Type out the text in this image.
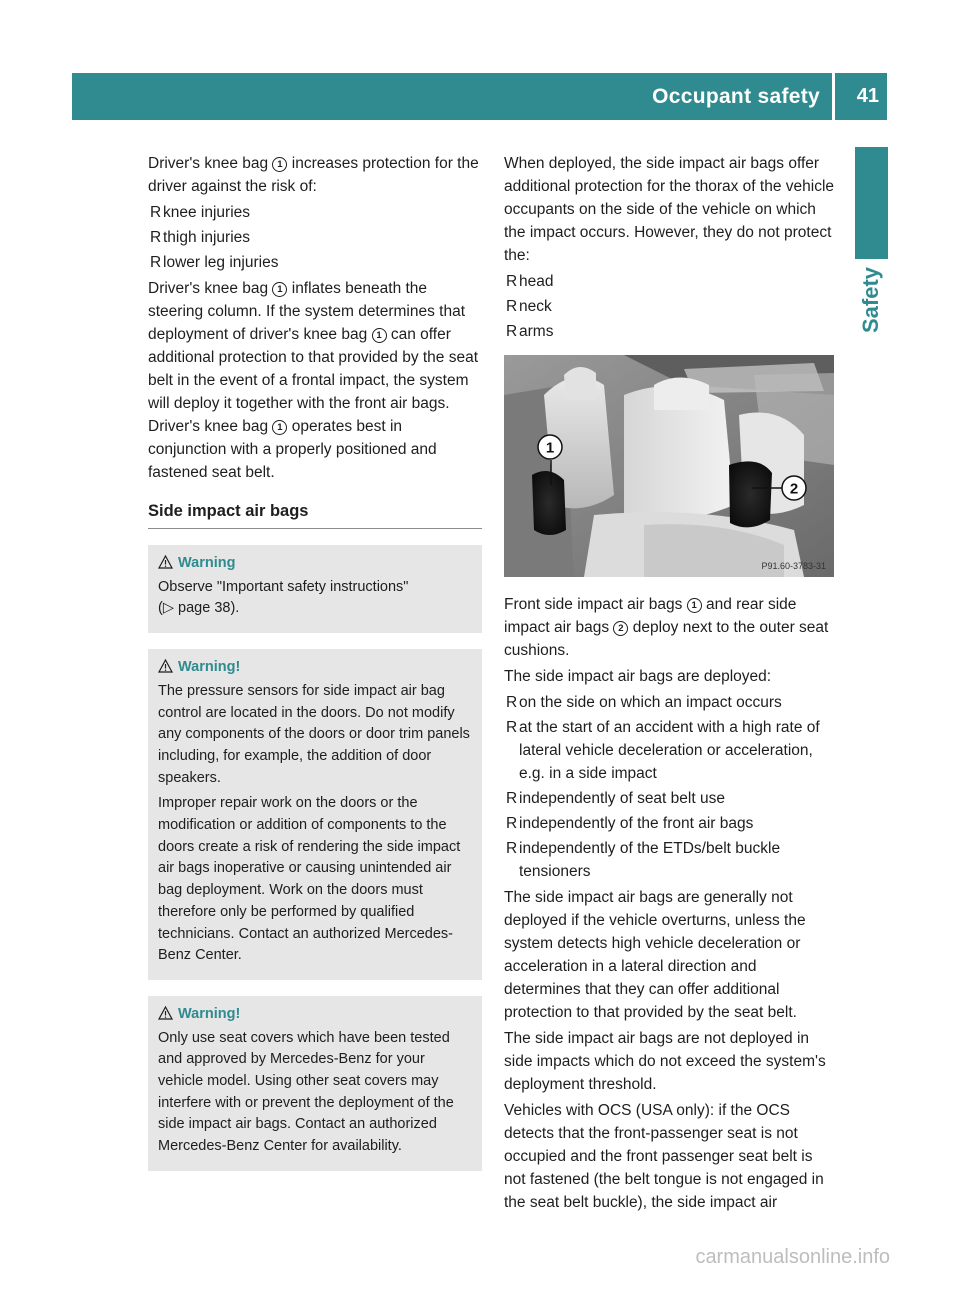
Occupant safety 41
Safety

Driver's knee bag 1 increases protection for the driver against the risk of:

R knee injuries
R thigh injuries
R lower leg injuries

Driver's knee bag 1 inflates beneath the steering column. If the system determines that deployment of driver's knee bag 1 can offer additional protection to that provided by the seat belt in the event of a frontal impact, the system will deploy it together with the front air bags. Driver's knee bag 1 operates best in conjunction with a properly positioned and fastened seat belt.

Side impact air bags
Warning

Observe "Important safety instructions"
(▷ page 38).

Warning!

The pressure sensors for side impact air bag control are located in the doors. Do not modify any components of the doors or door trim panels including, for example, the addition of door speakers.

Improper repair work on the doors or the modification or addition of components to the doors create a risk of rendering the side impact air bags inoperative or causing unintended air bag deployment. Work on the doors must therefore only be performed by qualified technicians. Contact an authorized Mercedes-Benz Center.

Warning!

Only use seat covers which have been tested and approved by Mercedes-Benz for your vehicle model. Using other seat covers may interfere with or prevent the deployment of the side impact air bags. Contact an authorized Mercedes-Benz Center for availability.

When deployed, the side impact air bags offer additional protection for the thorax of the vehicle occupants on the side of the vehicle on which the impact occurs. However, they do not protect the:

R head
R neck
R arms
1
2
P91.60-3783-31

Front side impact air bags 1 and rear side impact air bags 2 deploy next to the outer seat cushions.

The side impact air bags are deployed:

R on the side on which an impact occurs
R at the start of an accident with a high rate of lateral vehicle deceleration or acceleration, e.g. in a side impact
R independently of seat belt use
R independently of the front air bags
R independently of the ETDs/belt buckle tensioners

The side impact air bags are generally not deployed if the vehicle overturns, unless the system detects high vehicle deceleration or acceleration in a lateral direction and determines that they can offer additional protection to that provided by the seat belt.

The side impact air bags are not deployed in side impacts which do not exceed the system's deployment threshold.

Vehicles with OCS (USA only): if the OCS detects that the front-passenger seat is not occupied and the front passenger seat belt is not fastened (the belt tongue is not engaged in the seat belt buckle), the side impact air

carmanualsonline.info
